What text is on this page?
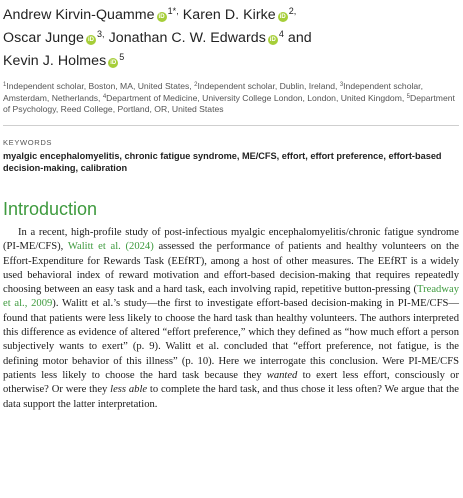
Andrew Kirvin-Quamme $iD^{1*,}$ Karen D. Kirke $iD^{2,}$
Oscar Junge $iD^{3,}$ Jonathan C. W. Edwards $iD^4$ and
Kevin J. Holmes $iD^5$

$^1$Independent scholar, Boston, MA, United States, $^2$Independent scholar, Dublin, Ireland, $^3$Independent scholar, Amsterdam, Netherlands, $^4$Department of Medicine, University College London, London, United Kingdom, $^5$Department of Psychology, Reed College, Portland, OR, United States

KEYWORDS

myalgic encephalomyelitis, chronic fatigue syndrome, ME/CFS, effort, effort preference, effort-based decision-making, calibration

Introduction

In a recent, high-profile study of post-infectious myalgic encephalomyelitis/chronic fatigue syndrome (PI-ME/CFS), Walitt et al. (2024) assessed the performance of patients and healthy volunteers on the Effort-Expenditure for Rewards Task (EEfRT), among a host of other measures. The EEfRT is a widely used behavioral index of reward motivation and effort-based decision-making that requires repeatedly choosing between an easy task and a hard task, each involving rapid, repetitive button-pressing (Treadway et al., 2009). Walitt et al.’s study—the first to investigate effort-based decision-making in PI-ME/CFS—found that patients were less likely to choose the hard task than healthy volunteers. The authors interpreted this difference as evidence of altered “effort preference,” which they defined as “how much effort a person subjectively wants to exert” (p. 9). Walitt et al. concluded that “effort preference, not fatigue, is the defining motor behavior of this illness” (p. 10). Here we interrogate this conclusion. Were PI-ME/CFS patients less likely to choose the hard task because they wanted to exert less effort, consciously or otherwise? Or were they less able to complete the hard task, and thus chose it less often? We argue that the data support the latter interpretation.
